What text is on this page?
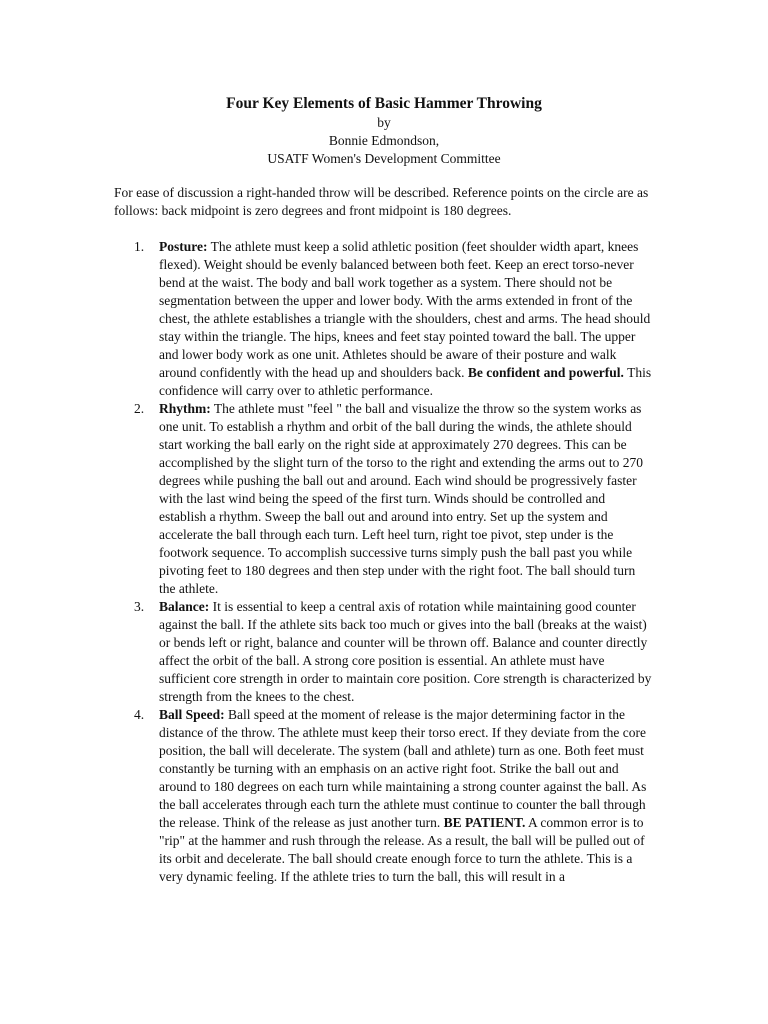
Four Key Elements of Basic Hammer Throwing

by

Bonnie Edmondson,

USATF Women's Development Committee

For ease of discussion a right-handed throw will be described. Reference points on the circle are as follows: back midpoint is zero degrees and front midpoint is 180 degrees.

1. Posture: The athlete must keep a solid athletic position (feet shoulder width apart, knees flexed). Weight should be evenly balanced between both feet. Keep an erect torso-never bend at the waist. The body and ball work together as a system. There should not be segmentation between the upper and lower body. With the arms extended in front of the chest, the athlete establishes a triangle with the shoulders, chest and arms. The head should stay within the triangle. The hips, knees and feet stay pointed toward the ball. The upper and lower body work as one unit. Athletes should be aware of their posture and walk around confidently with the head up and shoulders back. Be confident and powerful. This confidence will carry over to athletic performance.
2. Rhythm: The athlete must "feel " the ball and visualize the throw so the system works as one unit. To establish a rhythm and orbit of the ball during the winds, the athlete should start working the ball early on the right side at approximately 270 degrees. This can be accomplished by the slight turn of the torso to the right and extending the arms out to 270 degrees while pushing the ball out and around. Each wind should be progressively faster with the last wind being the speed of the first turn. Winds should be controlled and establish a rhythm. Sweep the ball out and around into entry. Set up the system and accelerate the ball through each turn. Left heel turn, right toe pivot, step under is the footwork sequence. To accomplish successive turns simply push the ball past you while pivoting feet to 180 degrees and then step under with the right foot. The ball should turn the athlete.
3. Balance: It is essential to keep a central axis of rotation while maintaining good counter against the ball. If the athlete sits back too much or gives into the ball (breaks at the waist) or bends left or right, balance and counter will be thrown off. Balance and counter directly affect the orbit of the ball. A strong core position is essential. An athlete must have sufficient core strength in order to maintain core position. Core strength is characterized by strength from the knees to the chest.
4. Ball Speed: Ball speed at the moment of release is the major determining factor in the distance of the throw. The athlete must keep their torso erect. If they deviate from the core position, the ball will decelerate. The system (ball and athlete) turn as one. Both feet must constantly be turning with an emphasis on an active right foot. Strike the ball out and around to 180 degrees on each turn while maintaining a strong counter against the ball. As the ball accelerates through each turn the athlete must continue to counter the ball through the release. Think of the release as just another turn. BE PATIENT. A common error is to "rip" at the hammer and rush through the release. As a result, the ball will be pulled out of its orbit and decelerate. The ball should create enough force to turn the athlete. This is a very dynamic feeling. If the athlete tries to turn the ball, this will result in a
